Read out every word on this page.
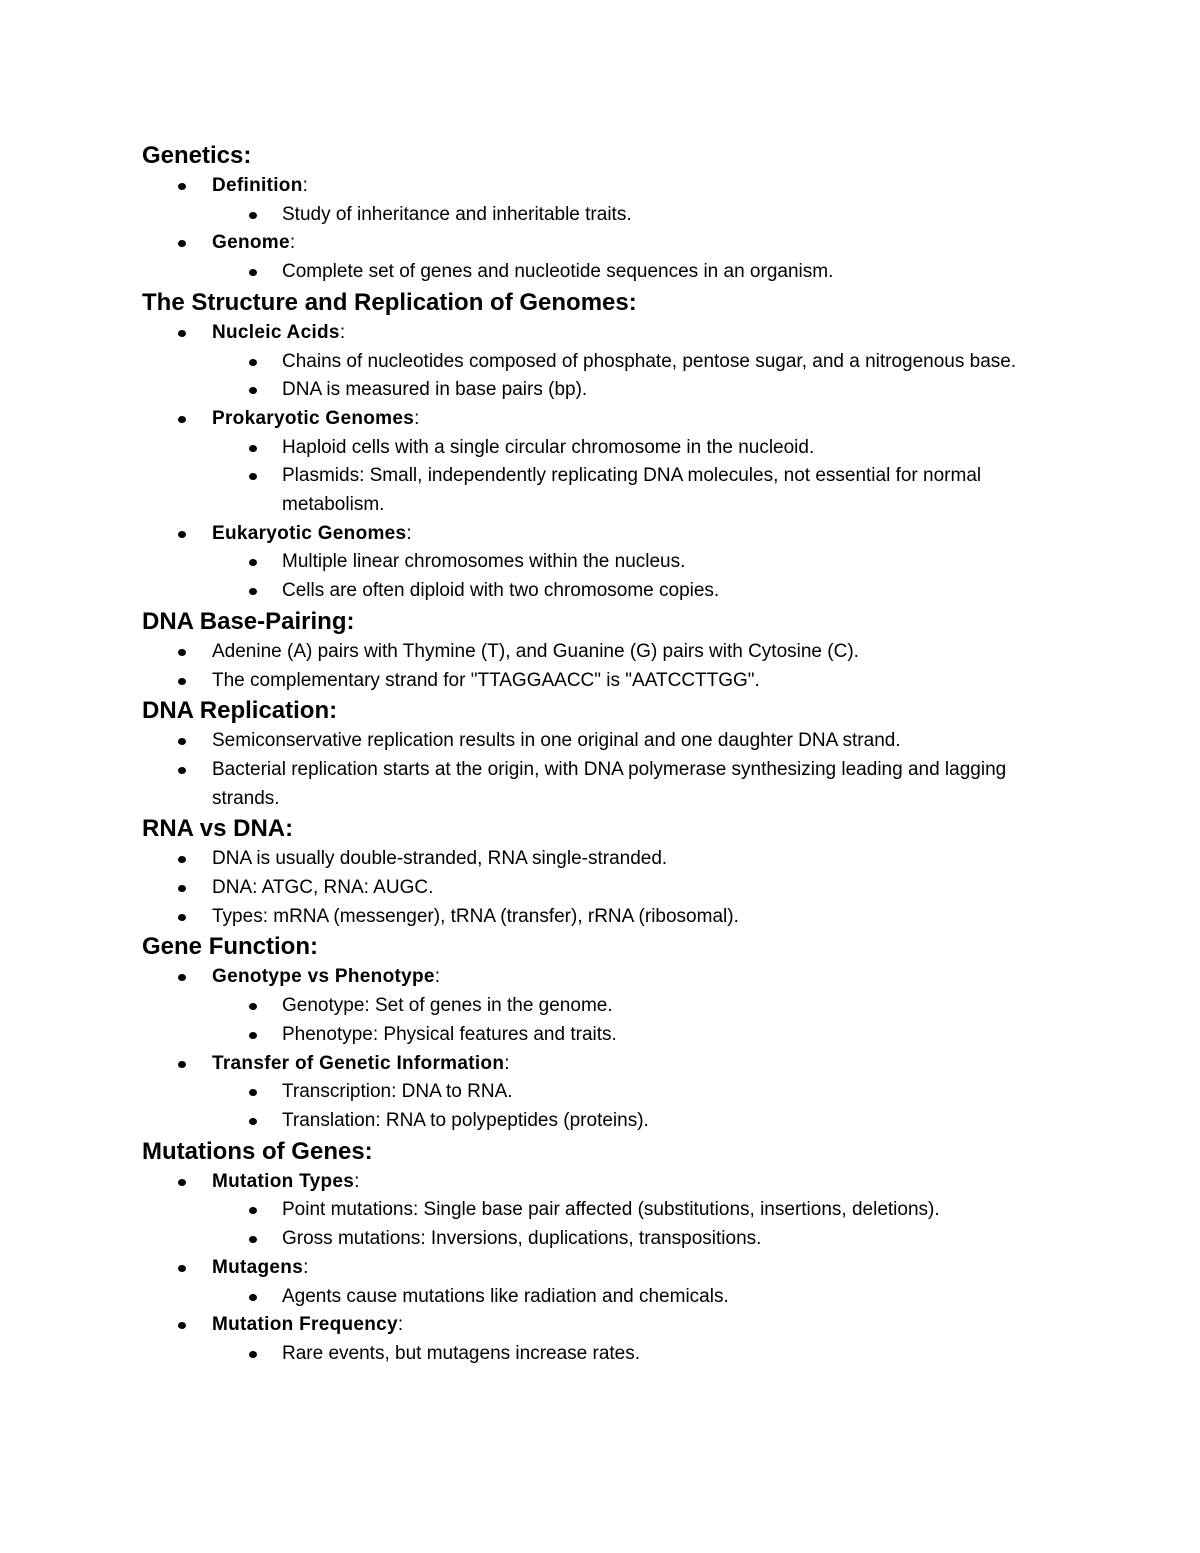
Genetics:
Definition:
Study of inheritance and inheritable traits.
Genome:
Complete set of genes and nucleotide sequences in an organism.
The Structure and Replication of Genomes:
Nucleic Acids:
Chains of nucleotides composed of phosphate, pentose sugar, and a nitrogenous base.
DNA is measured in base pairs (bp).
Prokaryotic Genomes:
Haploid cells with a single circular chromosome in the nucleoid.
Plasmids: Small, independently replicating DNA molecules, not essential for normal metabolism.
Eukaryotic Genomes:
Multiple linear chromosomes within the nucleus.
Cells are often diploid with two chromosome copies.
DNA Base-Pairing:
Adenine (A) pairs with Thymine (T), and Guanine (G) pairs with Cytosine (C).
The complementary strand for "TTAGGAACC" is "AATCCTTGG".
DNA Replication:
Semiconservative replication results in one original and one daughter DNA strand.
Bacterial replication starts at the origin, with DNA polymerase synthesizing leading and lagging strands.
RNA vs DNA:
DNA is usually double-stranded, RNA single-stranded.
DNA: ATGC, RNA: AUGC.
Types: mRNA (messenger), tRNA (transfer), rRNA (ribosomal).
Gene Function:
Genotype vs Phenotype:
Genotype: Set of genes in the genome.
Phenotype: Physical features and traits.
Transfer of Genetic Information:
Transcription: DNA to RNA.
Translation: RNA to polypeptides (proteins).
Mutations of Genes:
Mutation Types:
Point mutations: Single base pair affected (substitutions, insertions, deletions).
Gross mutations: Inversions, duplications, transpositions.
Mutagens:
Agents cause mutations like radiation and chemicals.
Mutation Frequency:
Rare events, but mutagens increase rates.
